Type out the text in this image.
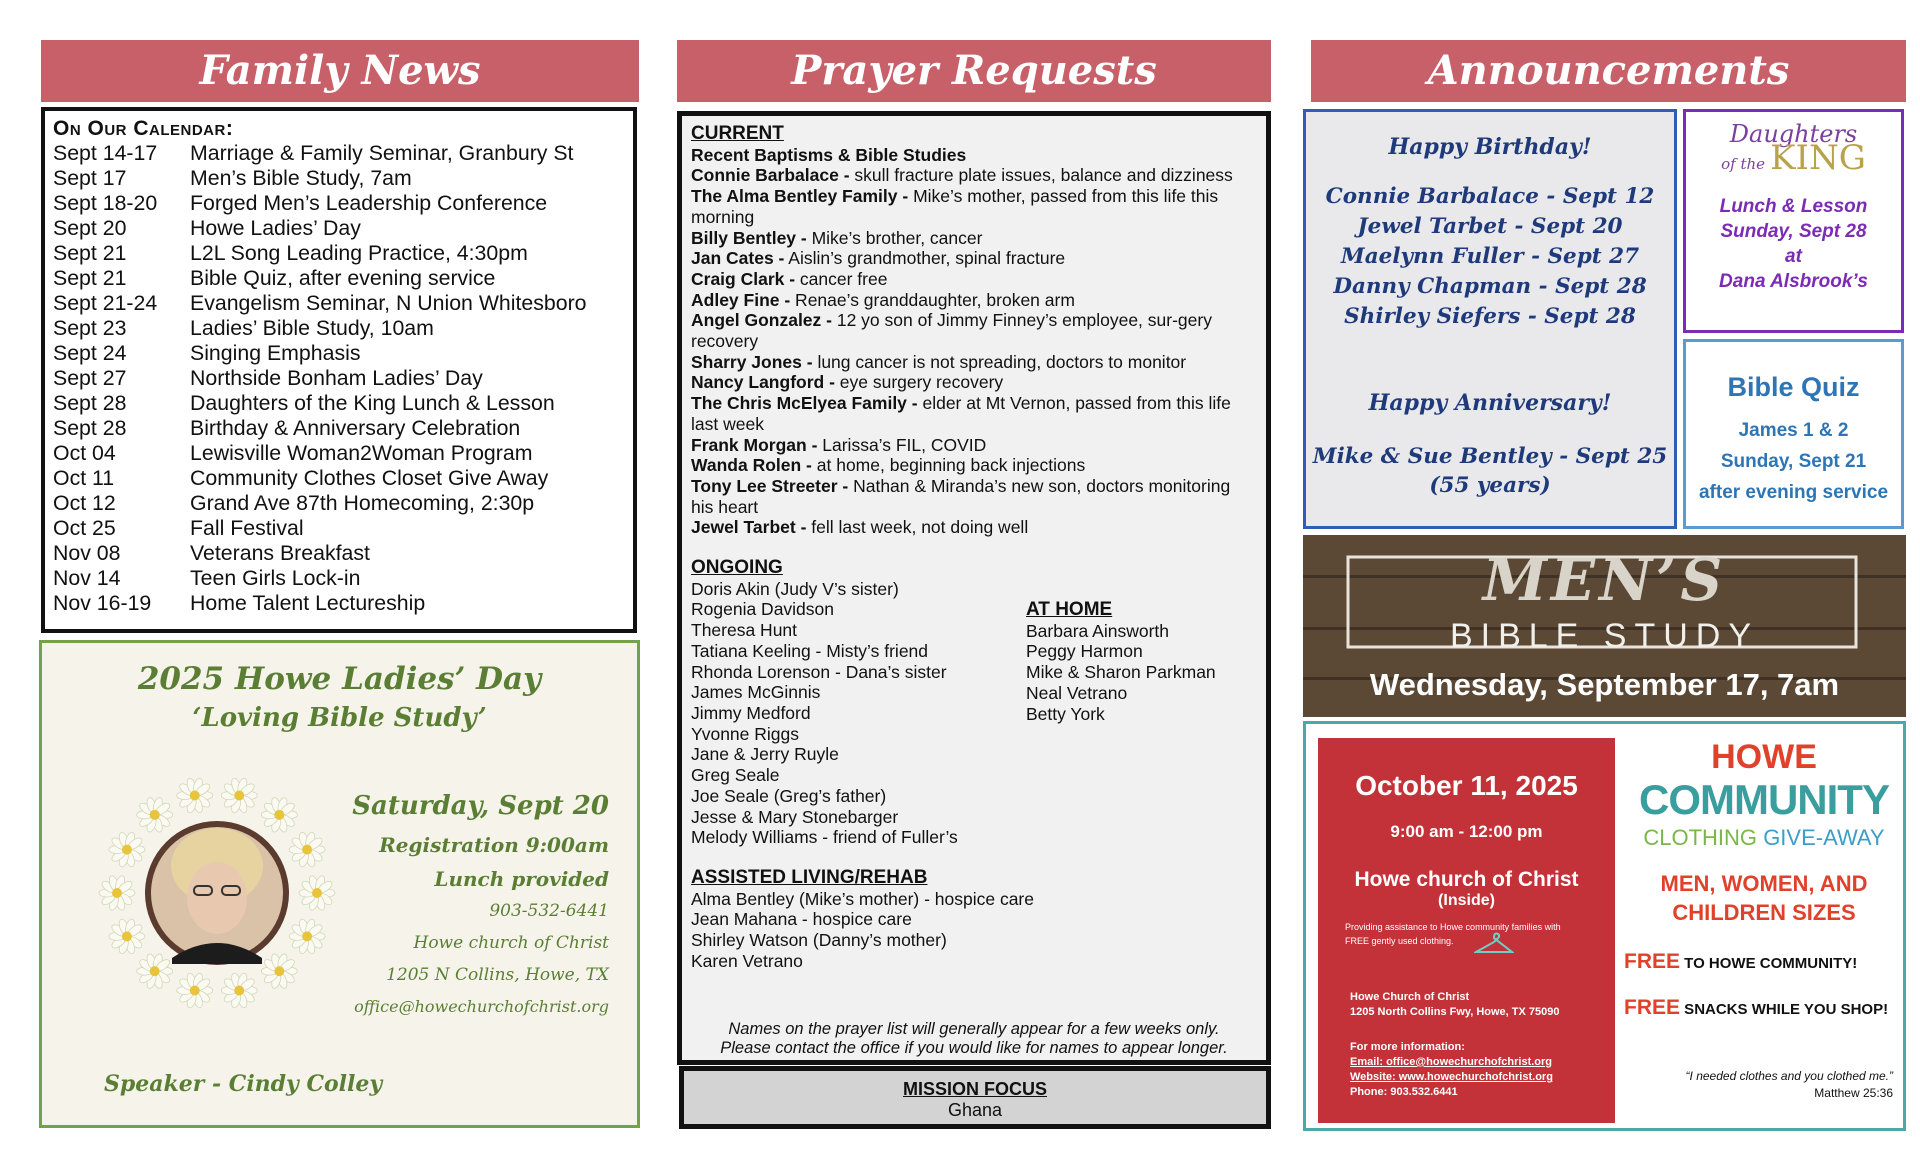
Family News
On Our Calendar:
Sept 14-17	Marriage & Family Seminar, Granbury St
Sept 17	Men’s Bible Study, 7am
Sept 18-20	Forged Men’s Leadership Conference
Sept 20	Howe Ladies’ Day
Sept 21	L2L Song Leading Practice, 4:30pm
Sept 21	Bible Quiz, after evening service
Sept 21-24	Evangelism Seminar, N Union Whitesboro
Sept 23	Ladies’ Bible Study, 10am
Sept 24	Singing Emphasis
Sept 27	Northside Bonham Ladies’ Day
Sept 28	Daughters of the King Lunch & Lesson
Sept 28	Birthday & Anniversary Celebration
Oct 04	Lewisville Woman2Woman Program
Oct 11	Community Clothes Closet Give Away
Oct 12	Grand Ave 87th Homecoming, 2:30p
Oct 25	Fall Festival
Nov 08	Veterans Breakfast
Nov 14	Teen Girls Lock-in
Nov 16-19	Home Talent Lectureship
2025 Howe Ladies’ Day
‘Loving Bible Study’
Saturday, Sept 20
Registration 9:00am
Lunch provided
903-532-6441
Howe church of Christ
1205 N Collins, Howe, TX
office@howechurchofchrist.org
Speaker - Cindy Colley
Prayer Requests
CURRENT
Recent Baptisms & Bible Studies
Connie Barbalace - skull fracture plate issues, balance and dizziness
The Alma Bentley Family - Mike’s mother, passed from this life this morning
Billy Bentley - Mike’s brother, cancer
Jan Cates - Aislin’s grandmother, spinal fracture
Craig Clark - cancer free
Adley Fine - Renae’s granddaughter, broken arm
Angel Gonzalez - 12 yo son of Jimmy Finney’s employee, sur-gery recovery
Sharry Jones - lung cancer is not spreading, doctors to monitor
Nancy Langford - eye surgery recovery
The Chris McElyea Family - elder at Mt Vernon, passed from this life last week
Frank Morgan - Larissa’s FIL, COVID
Wanda Rolen - at home, beginning back injections
Tony Lee Streeter - Nathan & Miranda’s new son, doctors monitoring his heart
Jewel Tarbet - fell last week, not doing well
ONGOING
Doris Akin (Judy V’s sister)
Rogenia Davidson
Theresa Hunt
Tatiana Keeling - Misty’s friend
Rhonda Lorenson - Dana’s sister
James McGinnis
Jimmy Medford
Yvonne Riggs
Jane & Jerry Ruyle
Greg Seale
Joe Seale (Greg’s father)
Jesse & Mary Stonebarger
Melody Williams - friend of Fuller’s
AT HOME
Barbara Ainsworth
Peggy Harmon
Mike & Sharon Parkman
Neal Vetrano
Betty York
ASSISTED LIVING/REHAB
Alma Bentley (Mike’s mother) - hospice care
Jean Mahana - hospice care
Shirley Watson (Danny’s mother)
Karen Vetrano
Names on the prayer list will generally appear for a few weeks only.
Please contact the office if you would like for names to appear longer.
MISSION FOCUS
Ghana
Announcements
Happy Birthday!
Connie Barbalace - Sept 12
Jewel Tarbet - Sept 20
Maelynn Fuller - Sept 27
Danny Chapman - Sept 28
Shirley Siefers - Sept 28
Happy Anniversary!
Mike & Sue Bentley - Sept 25
(55 years)
Daughters
of the KING
Lunch & Lesson
Sunday, Sept 28
at
Dana Alsbrook’s
Bible Quiz
James 1 & 2
Sunday, Sept 21
after evening service
MEN’S
BIBLE STUDY
Wednesday, September 17, 7am
October 11, 2025
9:00 am - 12:00 pm
Howe church of Christ
(Inside)
Providing assistance to Howe community families with
FREE gently used clothing.
Howe Church of Christ
1205 North Collins Fwy, Howe, TX 75090
For more information:
Email: office@howechurchofchrist.org
Website: www.howechurchofchrist.org
Phone: 903.532.6441
HOWE
COMMUNITY
CLOTHING GIVE-AWAY
MEN, WOMEN, AND
CHILDREN SIZES
FREE TO HOWE COMMUNITY!
FREE SNACKS WHILE YOU SHOP!
“I needed clothes and you clothed me.”
Matthew 25:36
